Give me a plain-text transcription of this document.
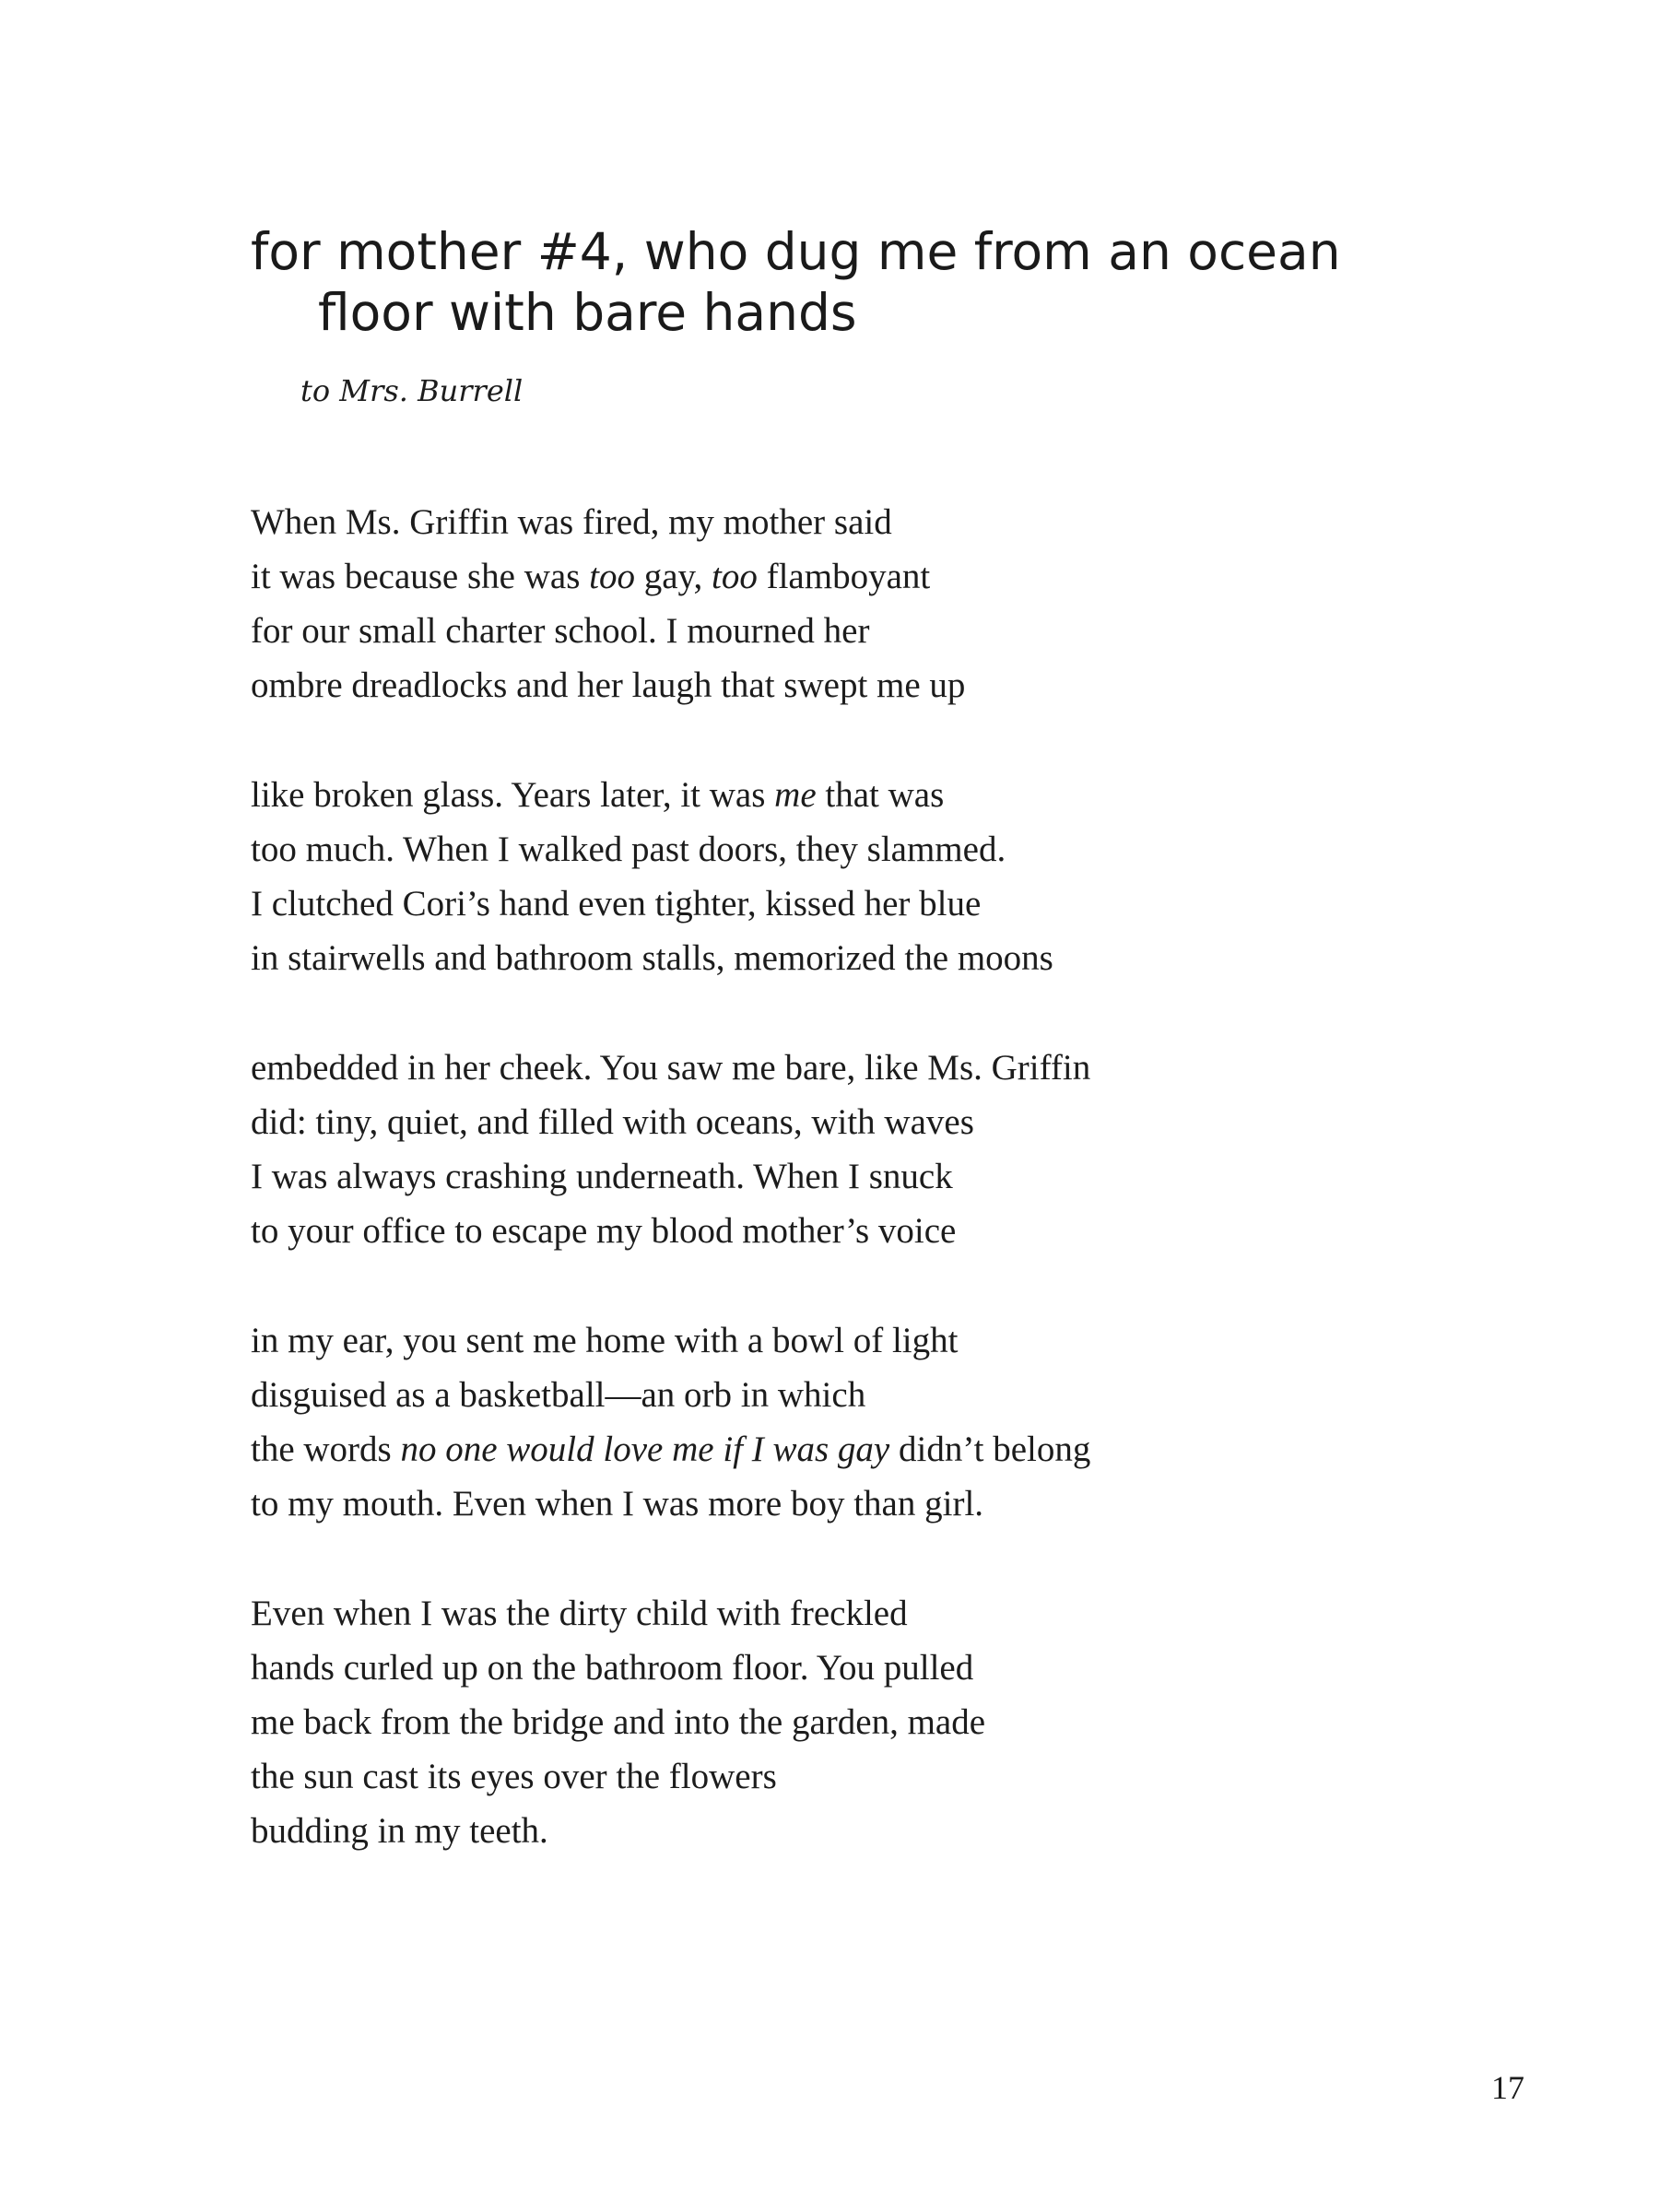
for mother #4, who dug me from an ocean
floor with bare hands

to Mrs. Burrell

When Ms. Griffin was fired, my mother said
it was because she was too gay, too flamboyant
for our small charter school. I mourned her
ombre dreadlocks and her laugh that swept me up
like broken glass. Years later, it was me that was
too much. When I walked past doors, they slammed.
I clutched Cori’s hand even tighter, kissed her blue
in stairwells and bathroom stalls, memorized the moons
embedded in her cheek. You saw me bare, like Ms. Griffin
did: tiny, quiet, and filled with oceans, with waves
I was always crashing underneath. When I snuck
to your office to escape my blood mother’s voice
in my ear, you sent me home with a bowl of light
disguised as a basketball—an orb in which
the words no one would love me if I was gay didn’t belong
to my mouth. Even when I was more boy than girl.
Even when I was the dirty child with freckled
hands curled up on the bathroom floor. You pulled
me back from the bridge and into the garden, made
the sun cast its eyes over the flowers
budding in my teeth.

17
